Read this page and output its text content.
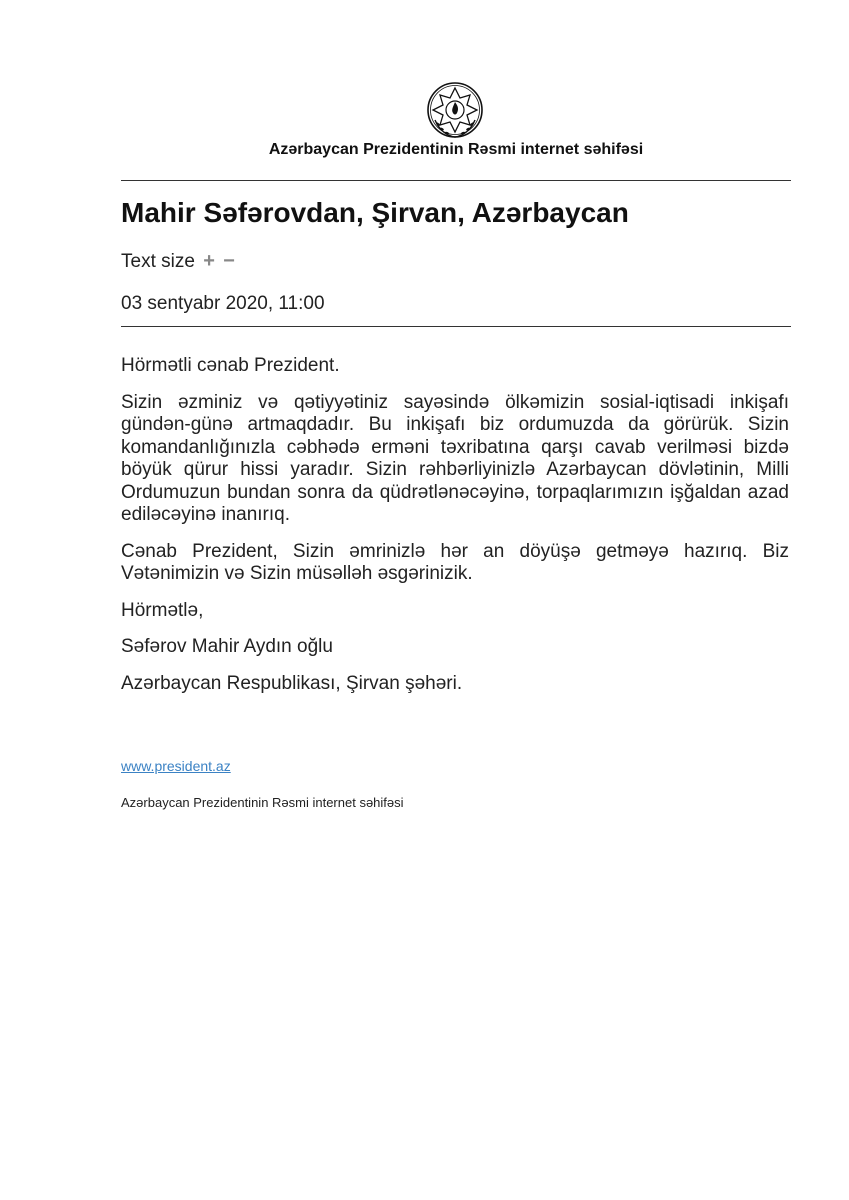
Azərbaycan Prezidentinin Rəsmi internet səhifəsi
Mahir Səfərovdan, Şirvan, Azərbaycan
Text size + −
03 sentyabr 2020, 11:00

Hörmətli cənab Prezident.

Sizin əzminiz və qətiyyətiniz sayəsində ölkəmizin sosial-iqtisadi inkişafı gündən-günə artmaqdadır. Bu inkişafı biz ordumuzda da görürük. Sizin komandanlığınızla cəbhədə erməni təxribatına qarşı cavab verilməsi bizdə böyük qürur hissi yaradır. Sizin rəhbərliyinizlə Azərbaycan dövlətinin, Milli Ordumuzun bundan sonra da qüdrətlənəcəyinə, torpaqlarımızın işğaldan azad ediləcəyinə inanırıq.

Cənab Prezident, Sizin əmrinizlə hər an döyüşə getməyə hazırıq. Biz Vətənimizin və Sizin müsəlləh əsgərinizik.

Hörmətlə,

Səfərov Mahir Aydın oğlu

Azərbaycan Respublikası, Şirvan şəhəri.

www.president.az
Azərbaycan Prezidentinin Rəsmi internet səhifəsi
